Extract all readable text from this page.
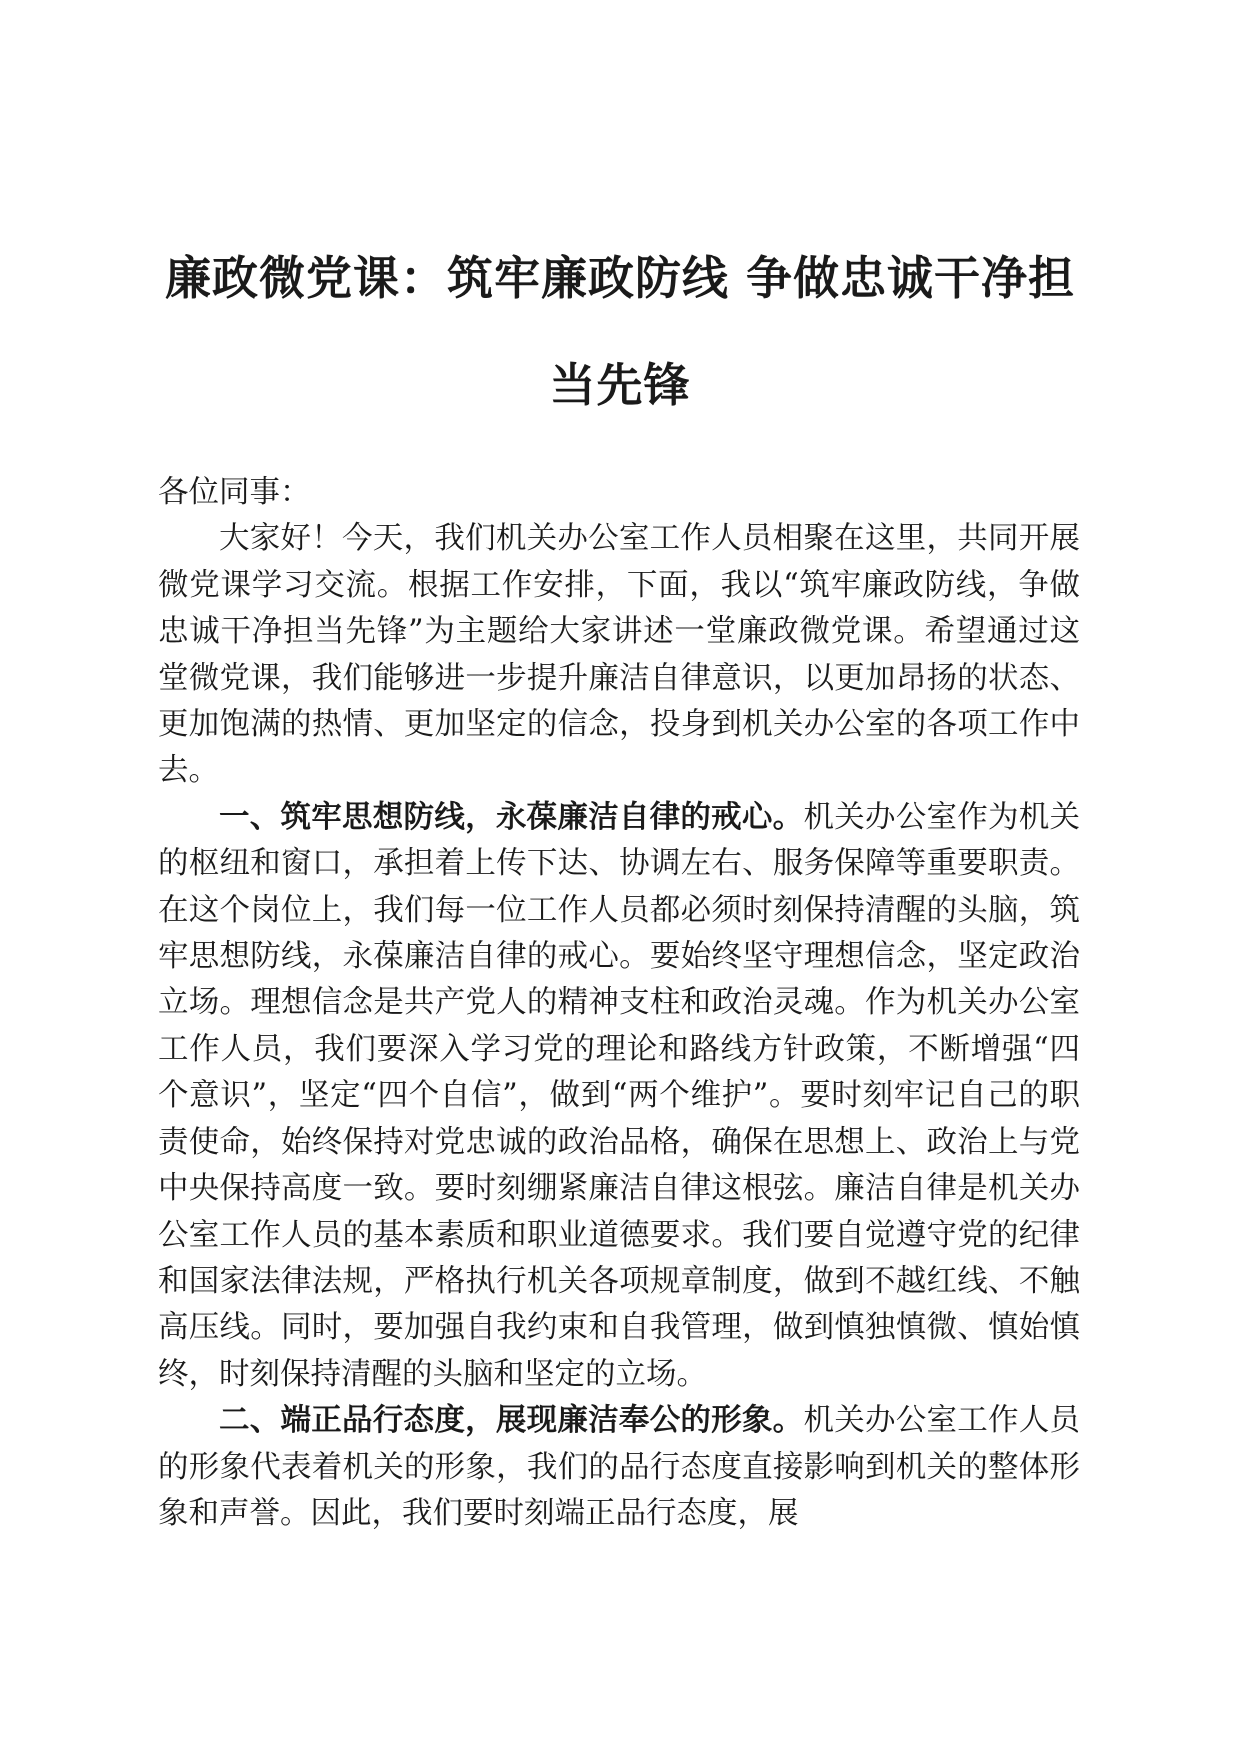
廉政微党课：筑牢廉政防线 争做忠诚干净担
当先锋

各位同事：

大家好！今天，我们机关办公室工作人员相聚在这里，共同开展微党课学习交流。根据工作安排，下面，我以“筑牢廉政防线，争做忠诚干净担当先锋”为主题给大家讲述一堂廉政微党课。希望通过这堂微党课，我们能够进一步提升廉洁自律意识，以更加昂扬的状态、更加饱满的热情、更加坚定的信念，投身到机关办公室的各项工作中去。

一、筑牢思想防线，永葆廉洁自律的戒心。机关办公室作为机关的枢纽和窗口，承担着上传下达、协调左右、服务保障等重要职责。在这个岗位上，我们每一位工作人员都必须时刻保持清醒的头脑，筑牢思想防线，永葆廉洁自律的戒心。要始终坚守理想信念，坚定政治立场。理想信念是共产党人的精神支柱和政治灵魂。作为机关办公室工作人员，我们要深入学习党的理论和路线方针政策，不断增强“四个意识”，坚定“四个自信”，做到“两个维护”。要时刻牢记自己的职责使命，始终保持对党忠诚的政治品格，确保在思想上、政治上与党中央保持高度一致。要时刻绷紧廉洁自律这根弦。廉洁自律是机关办公室工作人员的基本素质和职业道德要求。我们要自觉遵守党的纪律和国家法律法规，严格执行机关各项规章制度，做到不越红线、不触高压线。同时，要加强自我约束和自我管理，做到慎独慎微、慎始慎终，时刻保持清醒的头脑和坚定的立场。

二、端正品行态度，展现廉洁奉公的形象。机关办公室工作人员的形象代表着机关的形象，我们的品行态度直接影响到机关的整体形象和声誉。因此，我们要时刻端正品行态度，展
